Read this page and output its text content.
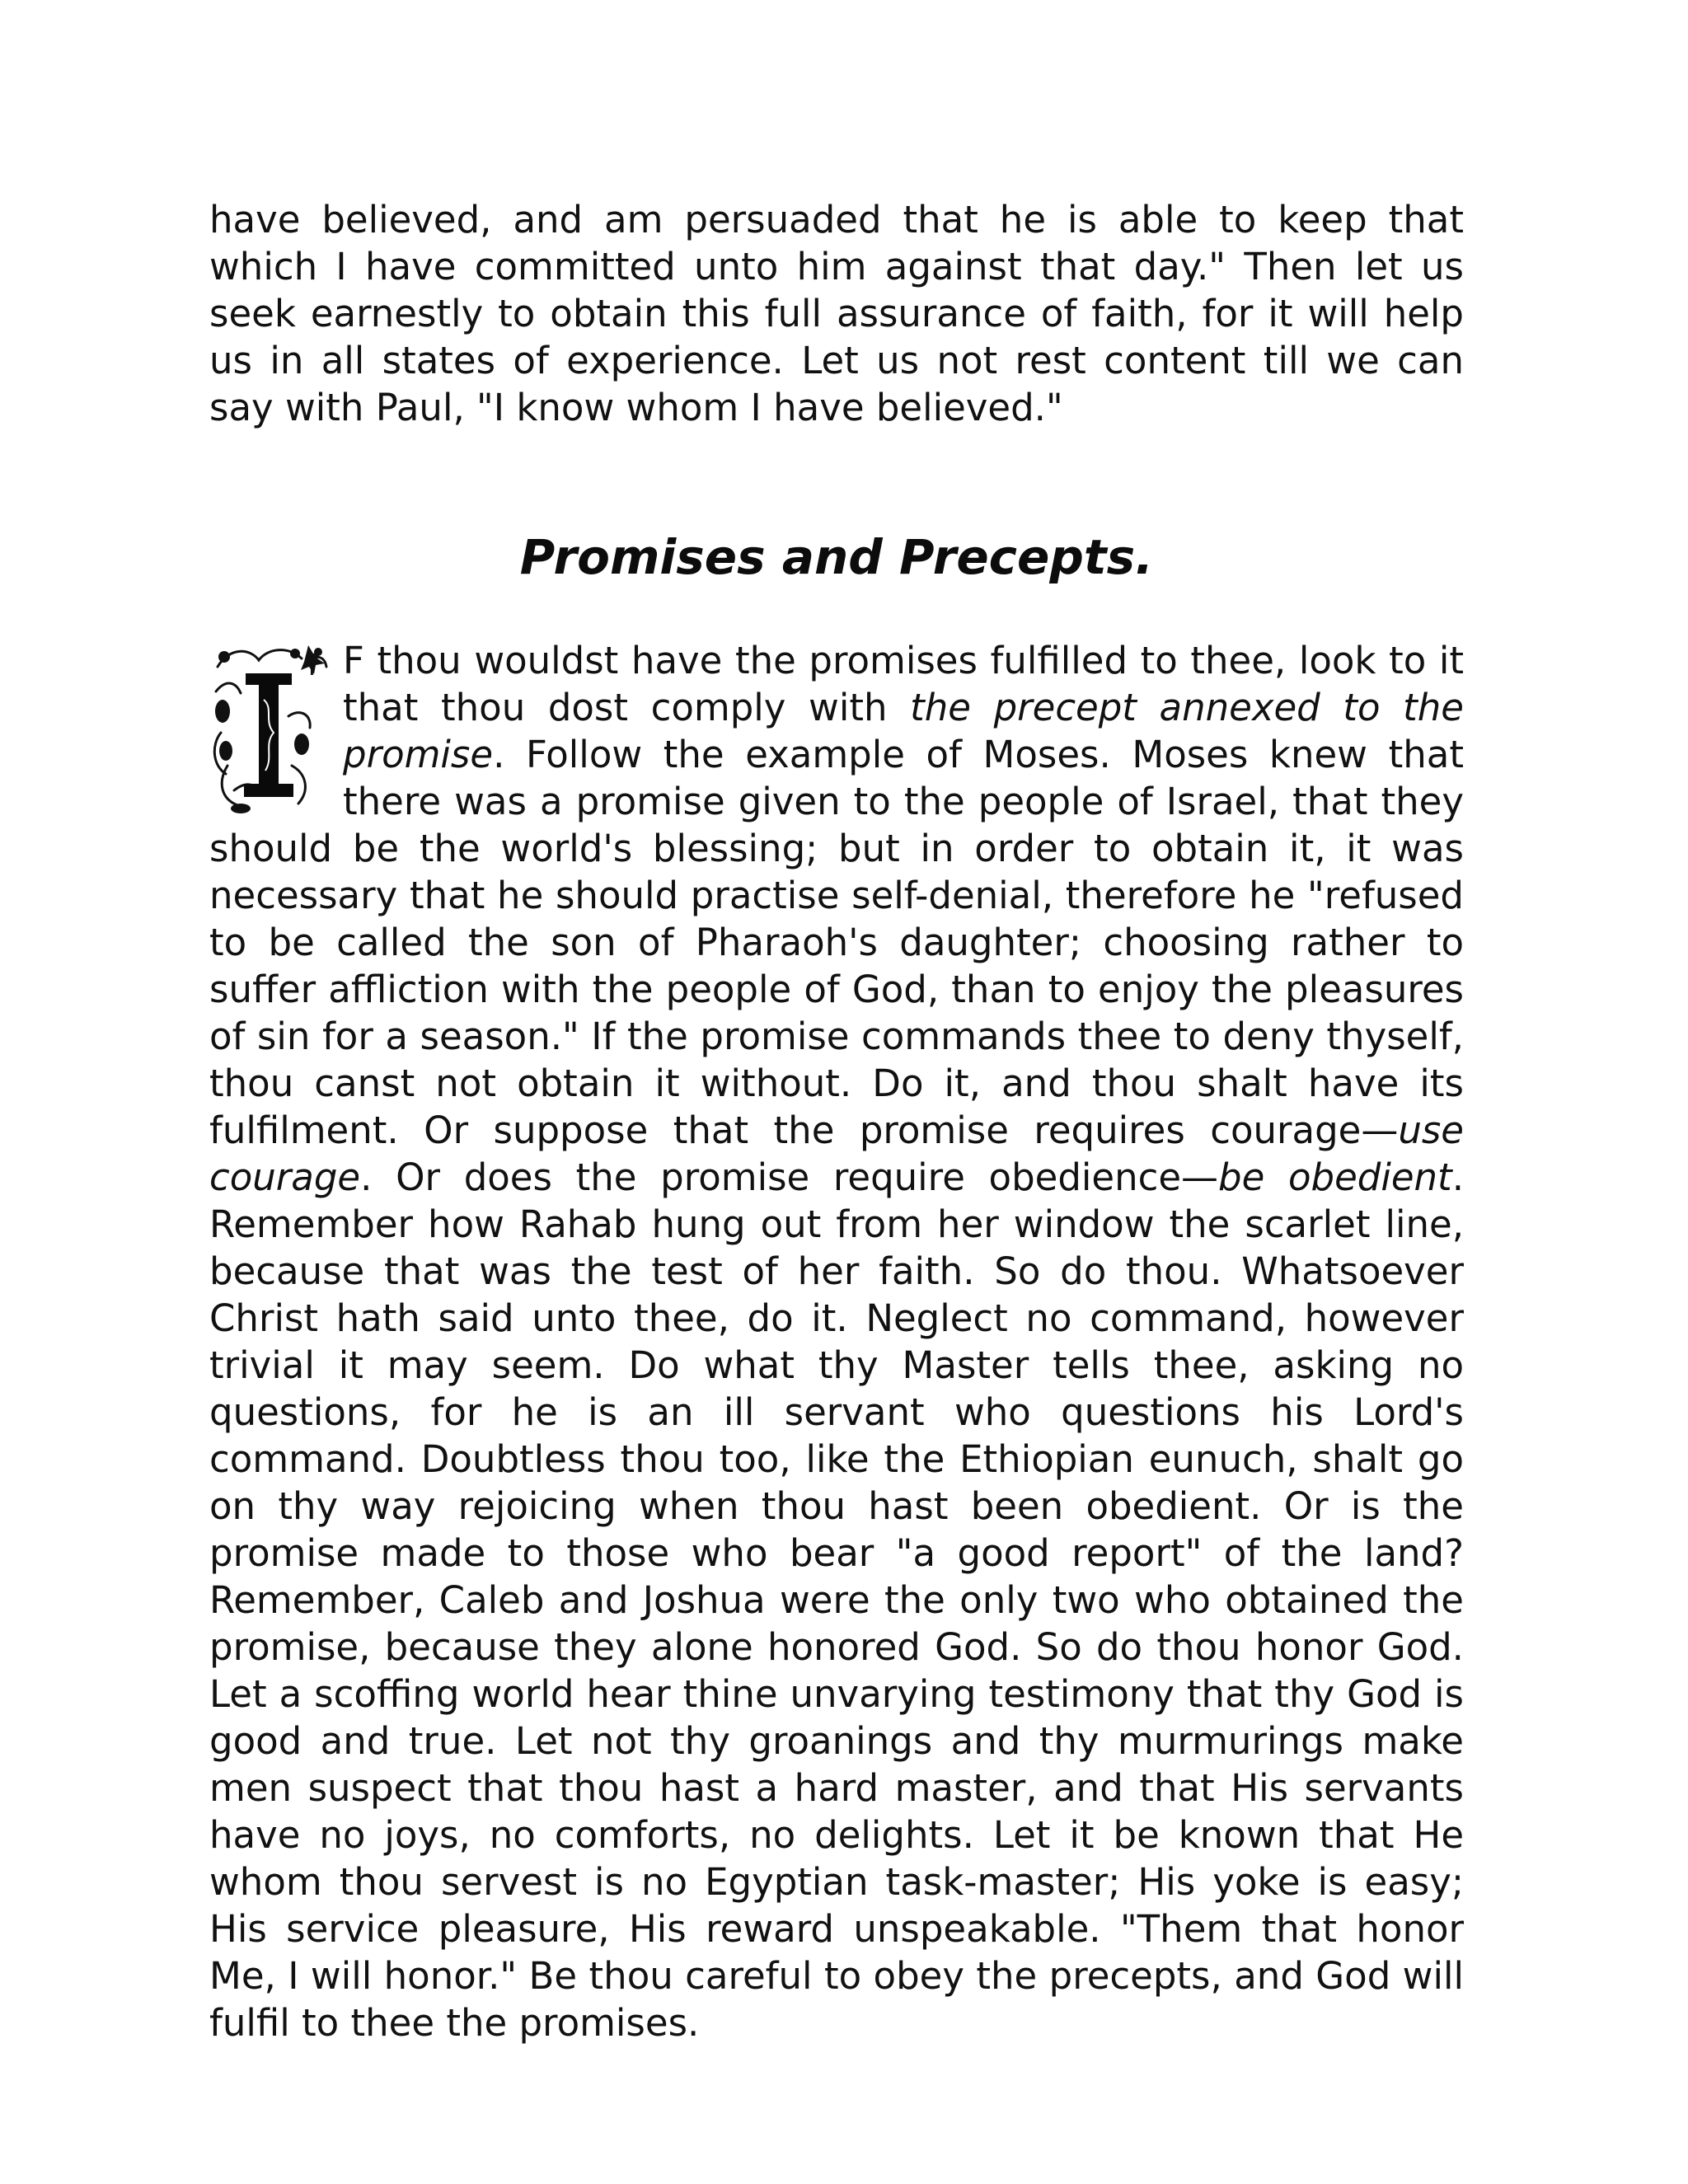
have believed, and am persuaded that he is able to keep that which I have committed unto him against that day." Then let us seek earnestly to obtain this full assurance of faith, for it will help us in all states of experience. Let us not rest content till we can say with Paul, "I know whom I have believed."

Promises and Precepts.

I F thou wouldst have the promises fulfilled to thee, look to it that thou dost comply with the precept annexed to the promise. Follow the example of Moses. Moses knew that there was a promise given to the people of Israel, that they should be the world's blessing; but in order to obtain it, it was necessary that he should practise self-denial, therefore he "refused to be called the son of Pharaoh's daughter; choosing rather to suffer affliction with the people of God, than to enjoy the pleasures of sin for a season." If the promise commands thee to deny thyself, thou canst not obtain it without. Do it, and thou shalt have its fulfilment. Or suppose that the promise requires courage—use courage. Or does the promise require obedience—be obedient. Remember how Rahab hung out from her window the scarlet line, because that was the test of her faith. So do thou. Whatsoever Christ hath said unto thee, do it. Neglect no command, however trivial it may seem. Do what thy Master tells thee, asking no questions, for he is an ill servant who questions his Lord's command. Doubtless thou too, like the Ethiopian eunuch, shalt go on thy way rejoicing when thou hast been obedient. Or is the promise made to those who bear "a good report" of the land? Remember, Caleb and Joshua were the only two who obtained the promise, because they alone honored God. So do thou honor God. Let a scoffing world hear thine unvarying testimony that thy God is good and true. Let not thy groanings and thy murmurings make men suspect that thou hast a hard master, and that His servants have no joys, no comforts, no delights. Let it be known that He whom thou servest is no Egyptian task-master; His yoke is easy; His service pleasure, His reward unspeakable. "Them that honor Me, I will honor." Be thou careful to obey the precepts, and God will fulfil to thee the promises.
